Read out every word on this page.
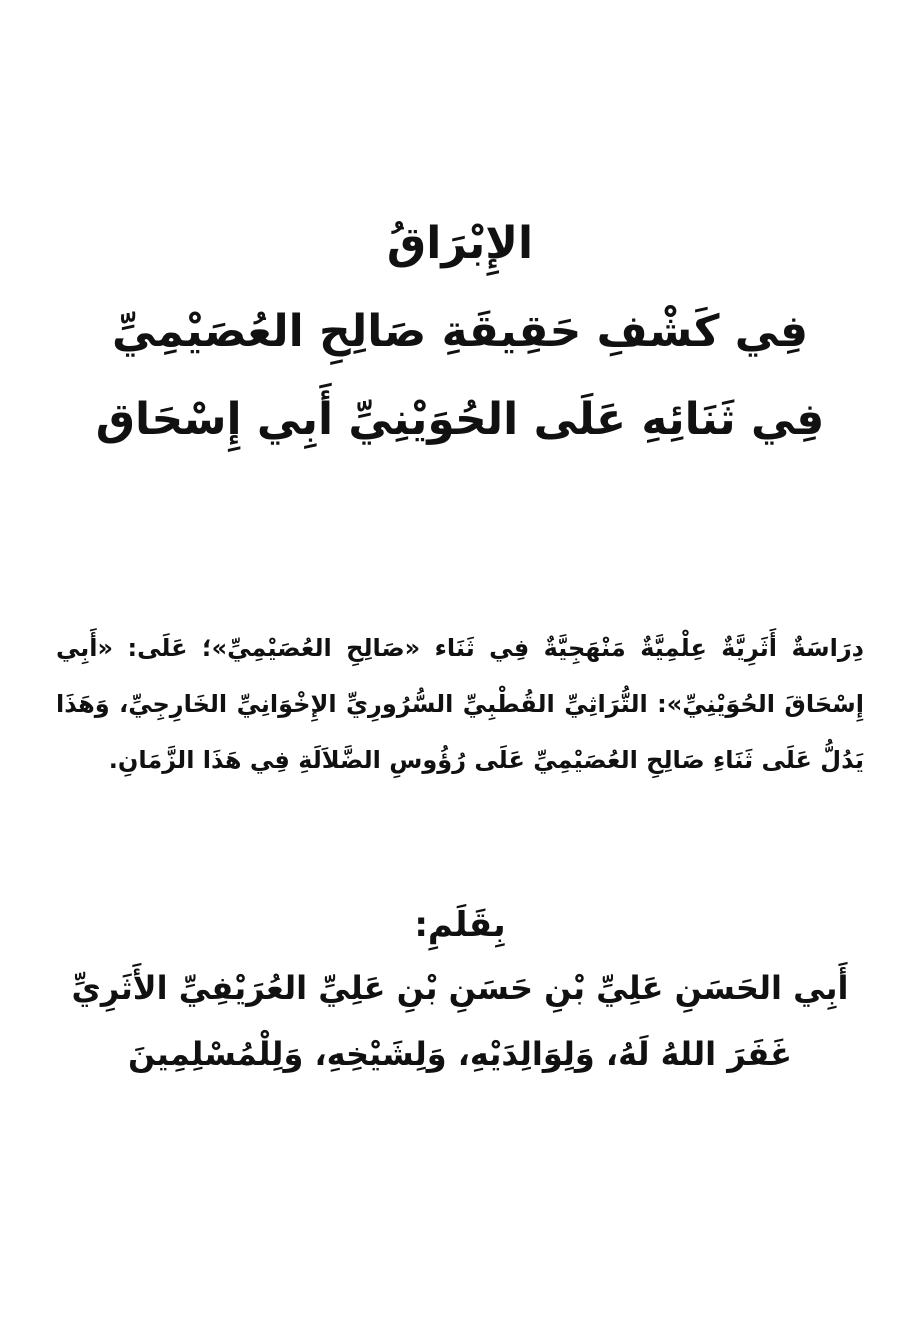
الإِبْرَاقُ

فِي كَشْفِ حَقِيقَةِ صَالِحِ العُصَيْمِيِّ

فِي ثَنَائِهِ عَلَى الحُوَيْنِيِّ أَبِي إِسْحَاق

دِرَاسَةٌ أَثَرِيَّةٌ عِلْمِيَّةٌ مَنْهَجِيَّةٌ فِي ثَنَاء «صَالِحِ العُصَيْمِيِّ»؛ عَلَى: «أَبِي إِسْحَاقَ الحُوَيْنِيِّ»: التُّرَاثِيِّ القُطْبِيِّ السُّرُورِيِّ الإِخْوَانِيِّ الخَارِجِيِّ، وَهَذَا يَدُلُّ عَلَى ثَنَاءِ صَالِحِ العُصَيْمِيِّ عَلَى رُؤُوسِ الضَّلاَلَةِ فِي هَذَا الزَّمَانِ.

بِقَلَمِ:

أَبِي الحَسَنِ عَلِيِّ بْنِ حَسَنِ بْنِ عَلِيِّ العُرَيْفِيِّ الأَثَرِيِّ

غَفَرَ اللهُ لَهُ، وَلِوَالِدَيْهِ، وَلِشَيْخِهِ، وَلِلْمُسْلِمِينَ
